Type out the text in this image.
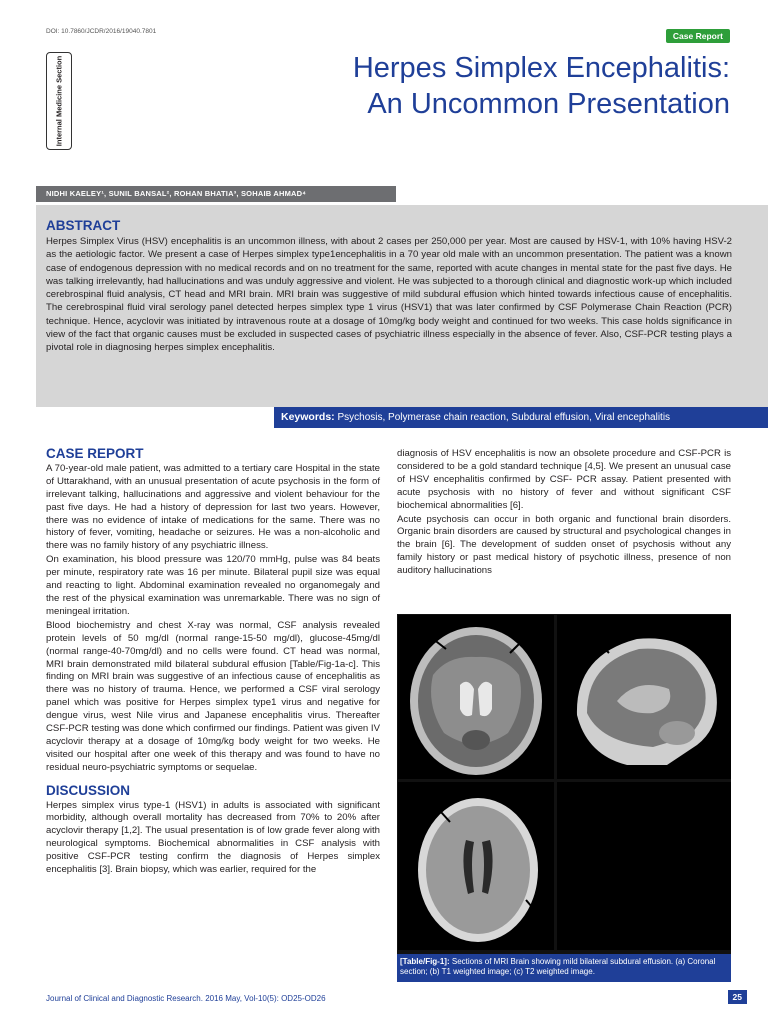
DOI: 10.7860/JCDR/2016/19040.7801	Case Report
Internal Medicine Section	Herpes Simplex Encephalitis:
An Uncommon Presentation
NIDHI KAELEY¹, SUNIL BANSAL², ROHAN BHATIA³, SOHAIB AHMAD⁴
ABSTRACT

Herpes Simplex Virus (HSV) encephalitis is an uncommon illness, with about 2 cases per 250,000 per year. Most are caused by HSV-1, with 10% having HSV-2 as the aetiologic factor. We present a case of Herpes simplex type1encephalitis in a 70 year old male with an uncommon presentation. The patient was a known case of endogenous depression with no medical records and on no treatment for the same, reported with acute changes in mental state for the past five days. He was talking irrelevantly, had hallucinations and was unduly aggressive and violent. He was subjected to a thorough clinical and diagnostic work-up which included cerebrospinal fluid analysis, CT head and MRI brain. MRI brain was suggestive of mild subdural effusion which hinted towards infectious cause of encephalitis. The cerebrospinal fluid viral serology panel detected herpes simplex type 1 virus (HSV1) that was later confirmed by CSF Polymerase Chain Reaction (PCR) technique. Hence, acyclovir was initiated by intravenous route at a dosage of 10mg/kg body weight and continued for two weeks. This case holds significance in view of the fact that organic causes must be excluded in suspected cases of psychiatric illness especially in the absence of fever. Also, CSF-PCR testing plays a pivotal role in diagnosing herpes simplex encephalitis.

Keywords: Psychosis, Polymerase chain reaction, Subdural effusion, Viral encephalitis
CASE REPORT

A 70-year-old male patient, was admitted to a tertiary care Hospital in the state of Uttarakhand, with an unusual presentation of acute psychosis in the form of irrelevant talking, hallucinations and aggressive and violent behaviour for the past five days. He had a history of depression for last two years. However, there was no evidence of intake of medications for the same. There was no history of fever, vomiting, headache or seizures. He was a non-alcoholic and there was no family history of any psychiatric illness.

On examination, his blood pressure was 120/70 mmHg, pulse was 84 beats per minute, respiratory rate was 16 per minute. Bilateral pupil size was equal and reacting to light. Abdominal examination revealed no organomegaly and the rest of the physical examination was unremarkable. There was no sign of meningeal irritation.

Blood biochemistry and chest X-ray was normal, CSF analysis revealed protein levels of 50 mg/dl (normal range-15-50 mg/dl), glucose-45mg/dl (normal range-40-70mg/dl) and no cells were found. CT head was normal, MRI brain demonstrated mild bilateral subdural effusion [Table/Fig-1a-c]. This finding on MRI brain was suggestive of an infectious cause of encephalitis as there was no history of trauma. Hence, we performed a CSF viral serology panel which was positive for Herpes simplex type1 virus and negative for dengue virus, west Nile virus and Japanese encephalitis virus. Thereafter CSF-PCR testing was done which confirmed our findings. Patient was given IV acyclovir therapy at a dosage of 10mg/kg body weight for two weeks. He visited our hospital after one week of this therapy and was found to have no residual neuro-psychiatric symptoms or sequelae.

DISCUSSION

Herpes simplex virus type-1 (HSV1) in adults is associated with significant morbidity, although overall mortality has decreased from 70% to 20% after acyclovir therapy [1,2]. The usual presentation is of low grade fever along with neurological symptoms. Biochemical abnormalities in CSF analysis with positive CSF-PCR testing confirm the diagnosis of Herpes simplex encephalitis [3]. Brain biopsy, which was earlier, required for the

diagnosis of HSV encephalitis is now an obsolete procedure and CSF-PCR is considered to be a gold standard technique [4,5]. We present an unusual case of HSV encephalitis confirmed by CSF- PCR assay. Patient presented with acute psychosis with no history of fever and without significant CSF biochemical abnormalities [6].

Acute psychosis can occur in both organic and functional brain disorders. Organic brain disorders are caused by structural and psychological changes in the brain [6]. The development of sudden onset of psychosis without any family history or past medical history of psychotic illness, presence of non auditory hallucinations

[Table/Fig-1]: Sections of MRI Brain showing mild bilateral subdural effusion. (a) Coronal section; (b) T1 weighted image; (c) T2 weighted image.
Journal of Clinical and Diagnostic Research. 2016 May, Vol-10(5): OD25-OD26	25
